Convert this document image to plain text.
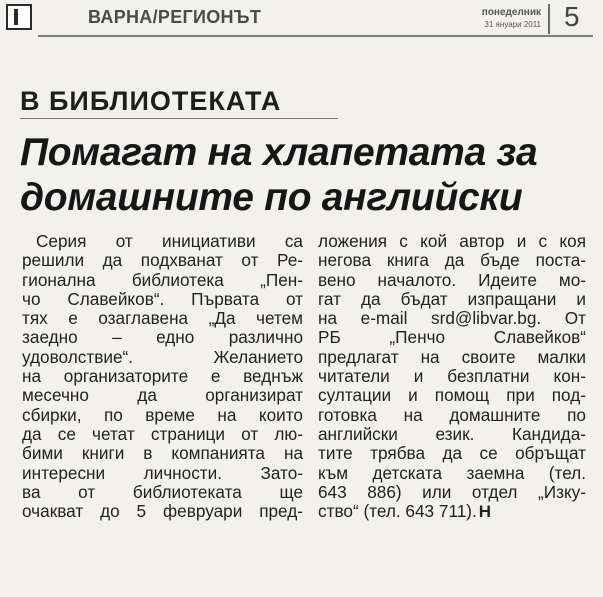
ВАРНА/РЕГИОНЪТ	понеделник
31 януари 2011 5
В БИБЛИОТЕКАТА
Помагат на хлапетата за
домашните по английски
Серия от инициативи са
решили да подхванат от Ре-
гионална библиотека „Пен-
чо Славейков“. Първата от
тях е озаглавена „Да четем
заедно – едно различно
удоволствие“. Желанието
на организаторите е веднъж
месечно да организират
сбирки, по време на които
да се четат страници от лю-
бими книги в компанията на
интересни личности. Зато-
ва от библиотеката ще
очакват до 5 февруари пред-
ложения с кой автор и с коя
негова книга да бъде поста-
вено началото. Идеите мо-
гат да бъдат изпращани и
на e-mail srd@libvar.bg. От
РБ „Пенчо Славейков“
предлагат на своите малки
читатели и безплатни кон-
султации и помощ при под-
готовка на домашните по
английски език. Кандида-
тите трябва да се обръщат
към детската заемна (тел.
643 886) или отдел „Изку-
ство“ (тел. 643 711). Н
